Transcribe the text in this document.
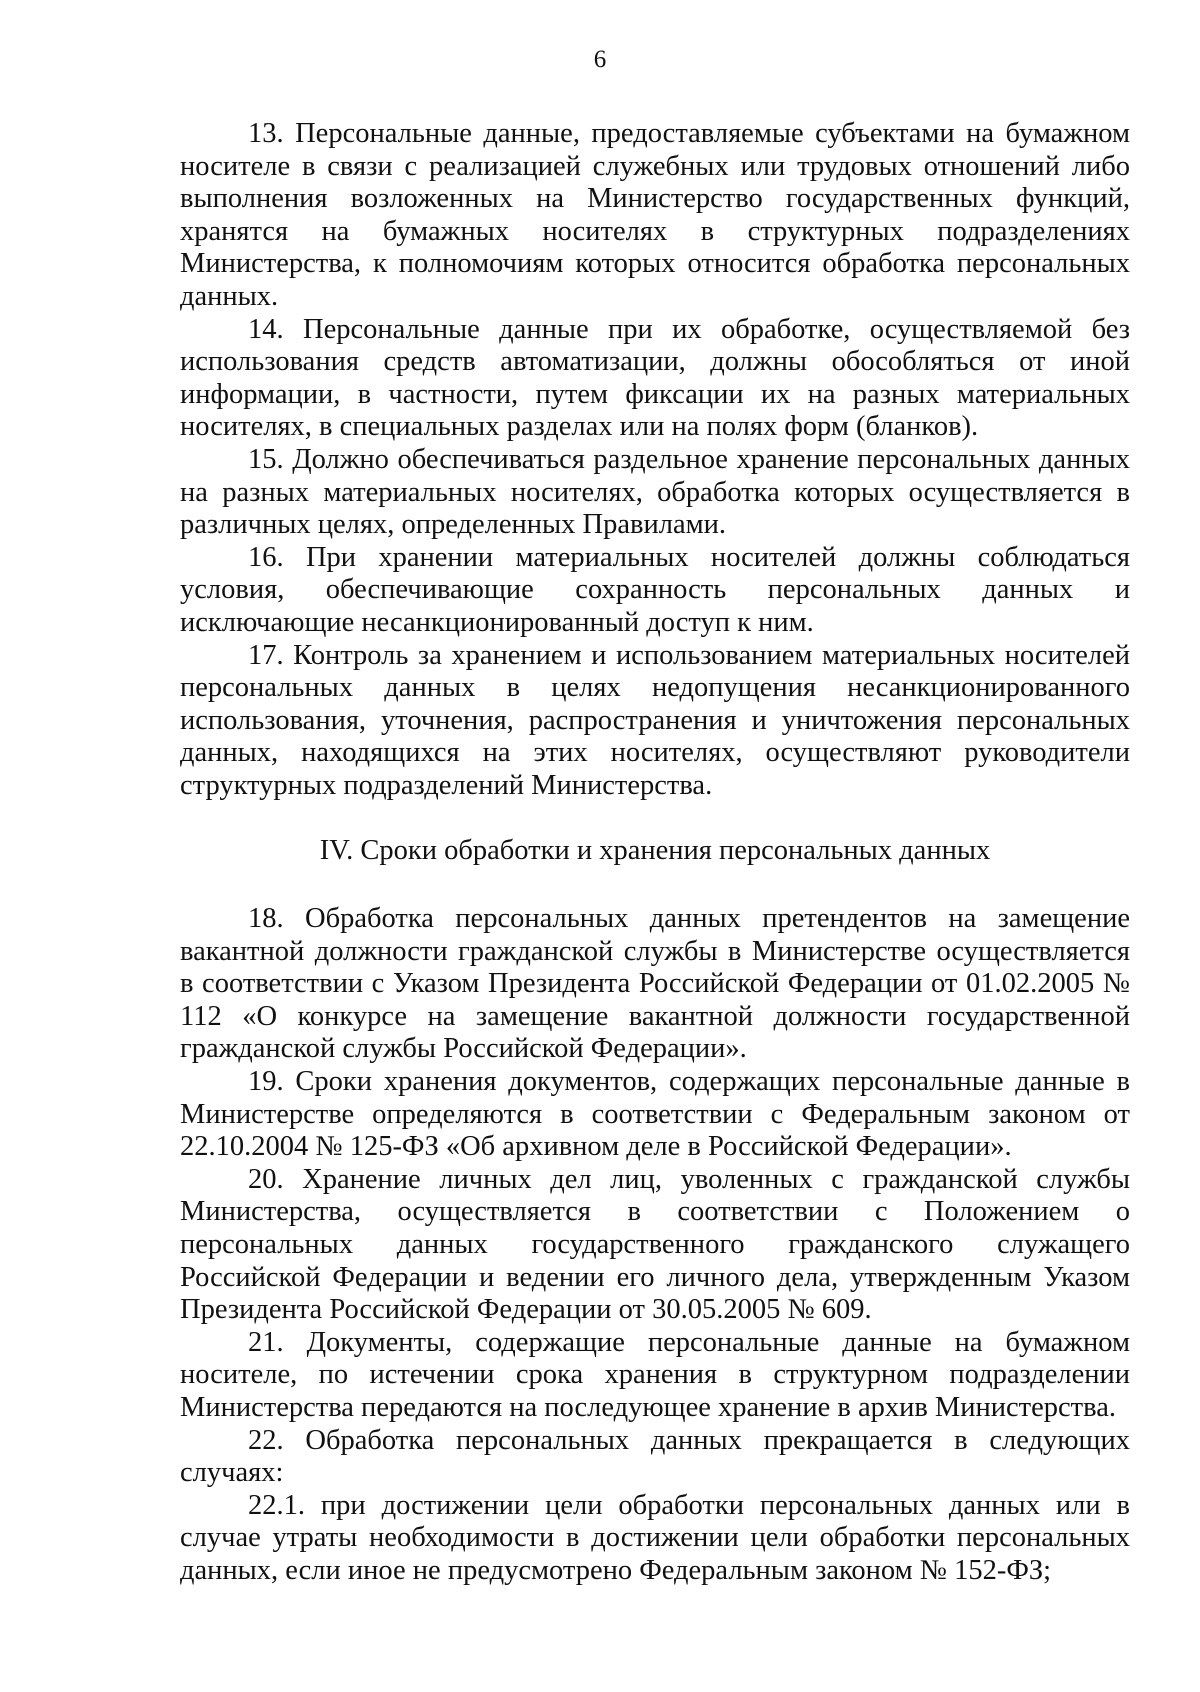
6

13. Персональные данные, предоставляемые субъектами на бумажном носителе в связи с реализацией служебных или трудовых отношений либо выполнения возложенных на Министерство государственных функций, хранятся на бумажных носителях в структурных подразделениях Министерства, к полномочиям которых относится обработка персональных данных.

14. Персональные данные при их обработке, осуществляемой без использования средств автоматизации, должны обособляться от иной информации, в частности, путем фиксации их на разных материальных носителях, в специальных разделах или на полях форм (бланков).

15. Должно обеспечиваться раздельное хранение персональных данных на разных материальных носителях, обработка которых осуществляется в различных целях, определенных Правилами.

16. При хранении материальных носителей должны соблюдаться условия, обеспечивающие сохранность персональных данных и исключающие несанкционированный доступ к ним.

17. Контроль за хранением и использованием материальных носителей персональных данных в целях недопущения несанкционированного использования, уточнения, распространения и уничтожения персональных данных, находящихся на этих носителях, осуществляют руководители структурных подразделений Министерства.

IV. Сроки обработки и хранения персональных данных

18. Обработка персональных данных претендентов на замещение вакантной должности гражданской службы в Министерстве осуществляется в соответствии с Указом Президента Российской Федерации от 01.02.2005 № 112 «О конкурсе на замещение вакантной должности государственной гражданской службы Российской Федерации».

19. Сроки хранения документов, содержащих персональные данные в Министерстве определяются в соответствии с Федеральным законом от 22.10.2004 № 125-ФЗ «Об архивном деле в Российской Федерации».

20. Хранение личных дел лиц, уволенных с гражданской службы Министерства, осуществляется в соответствии с Положением о персональных данных государственного гражданского служащего Российской Федерации и ведении его личного дела, утвержденным Указом Президента Российской Федерации от 30.05.2005 № 609.

21. Документы, содержащие персональные данные на бумажном носителе, по истечении срока хранения в структурном подразделении Министерства передаются на последующее хранение в архив Министерства.

22. Обработка персональных данных прекращается в следующих случаях:

22.1. при достижении цели обработки персональных данных или в случае утраты необходимости в достижении цели обработки персональных данных, если иное не предусмотрено Федеральным законом № 152-ФЗ;
